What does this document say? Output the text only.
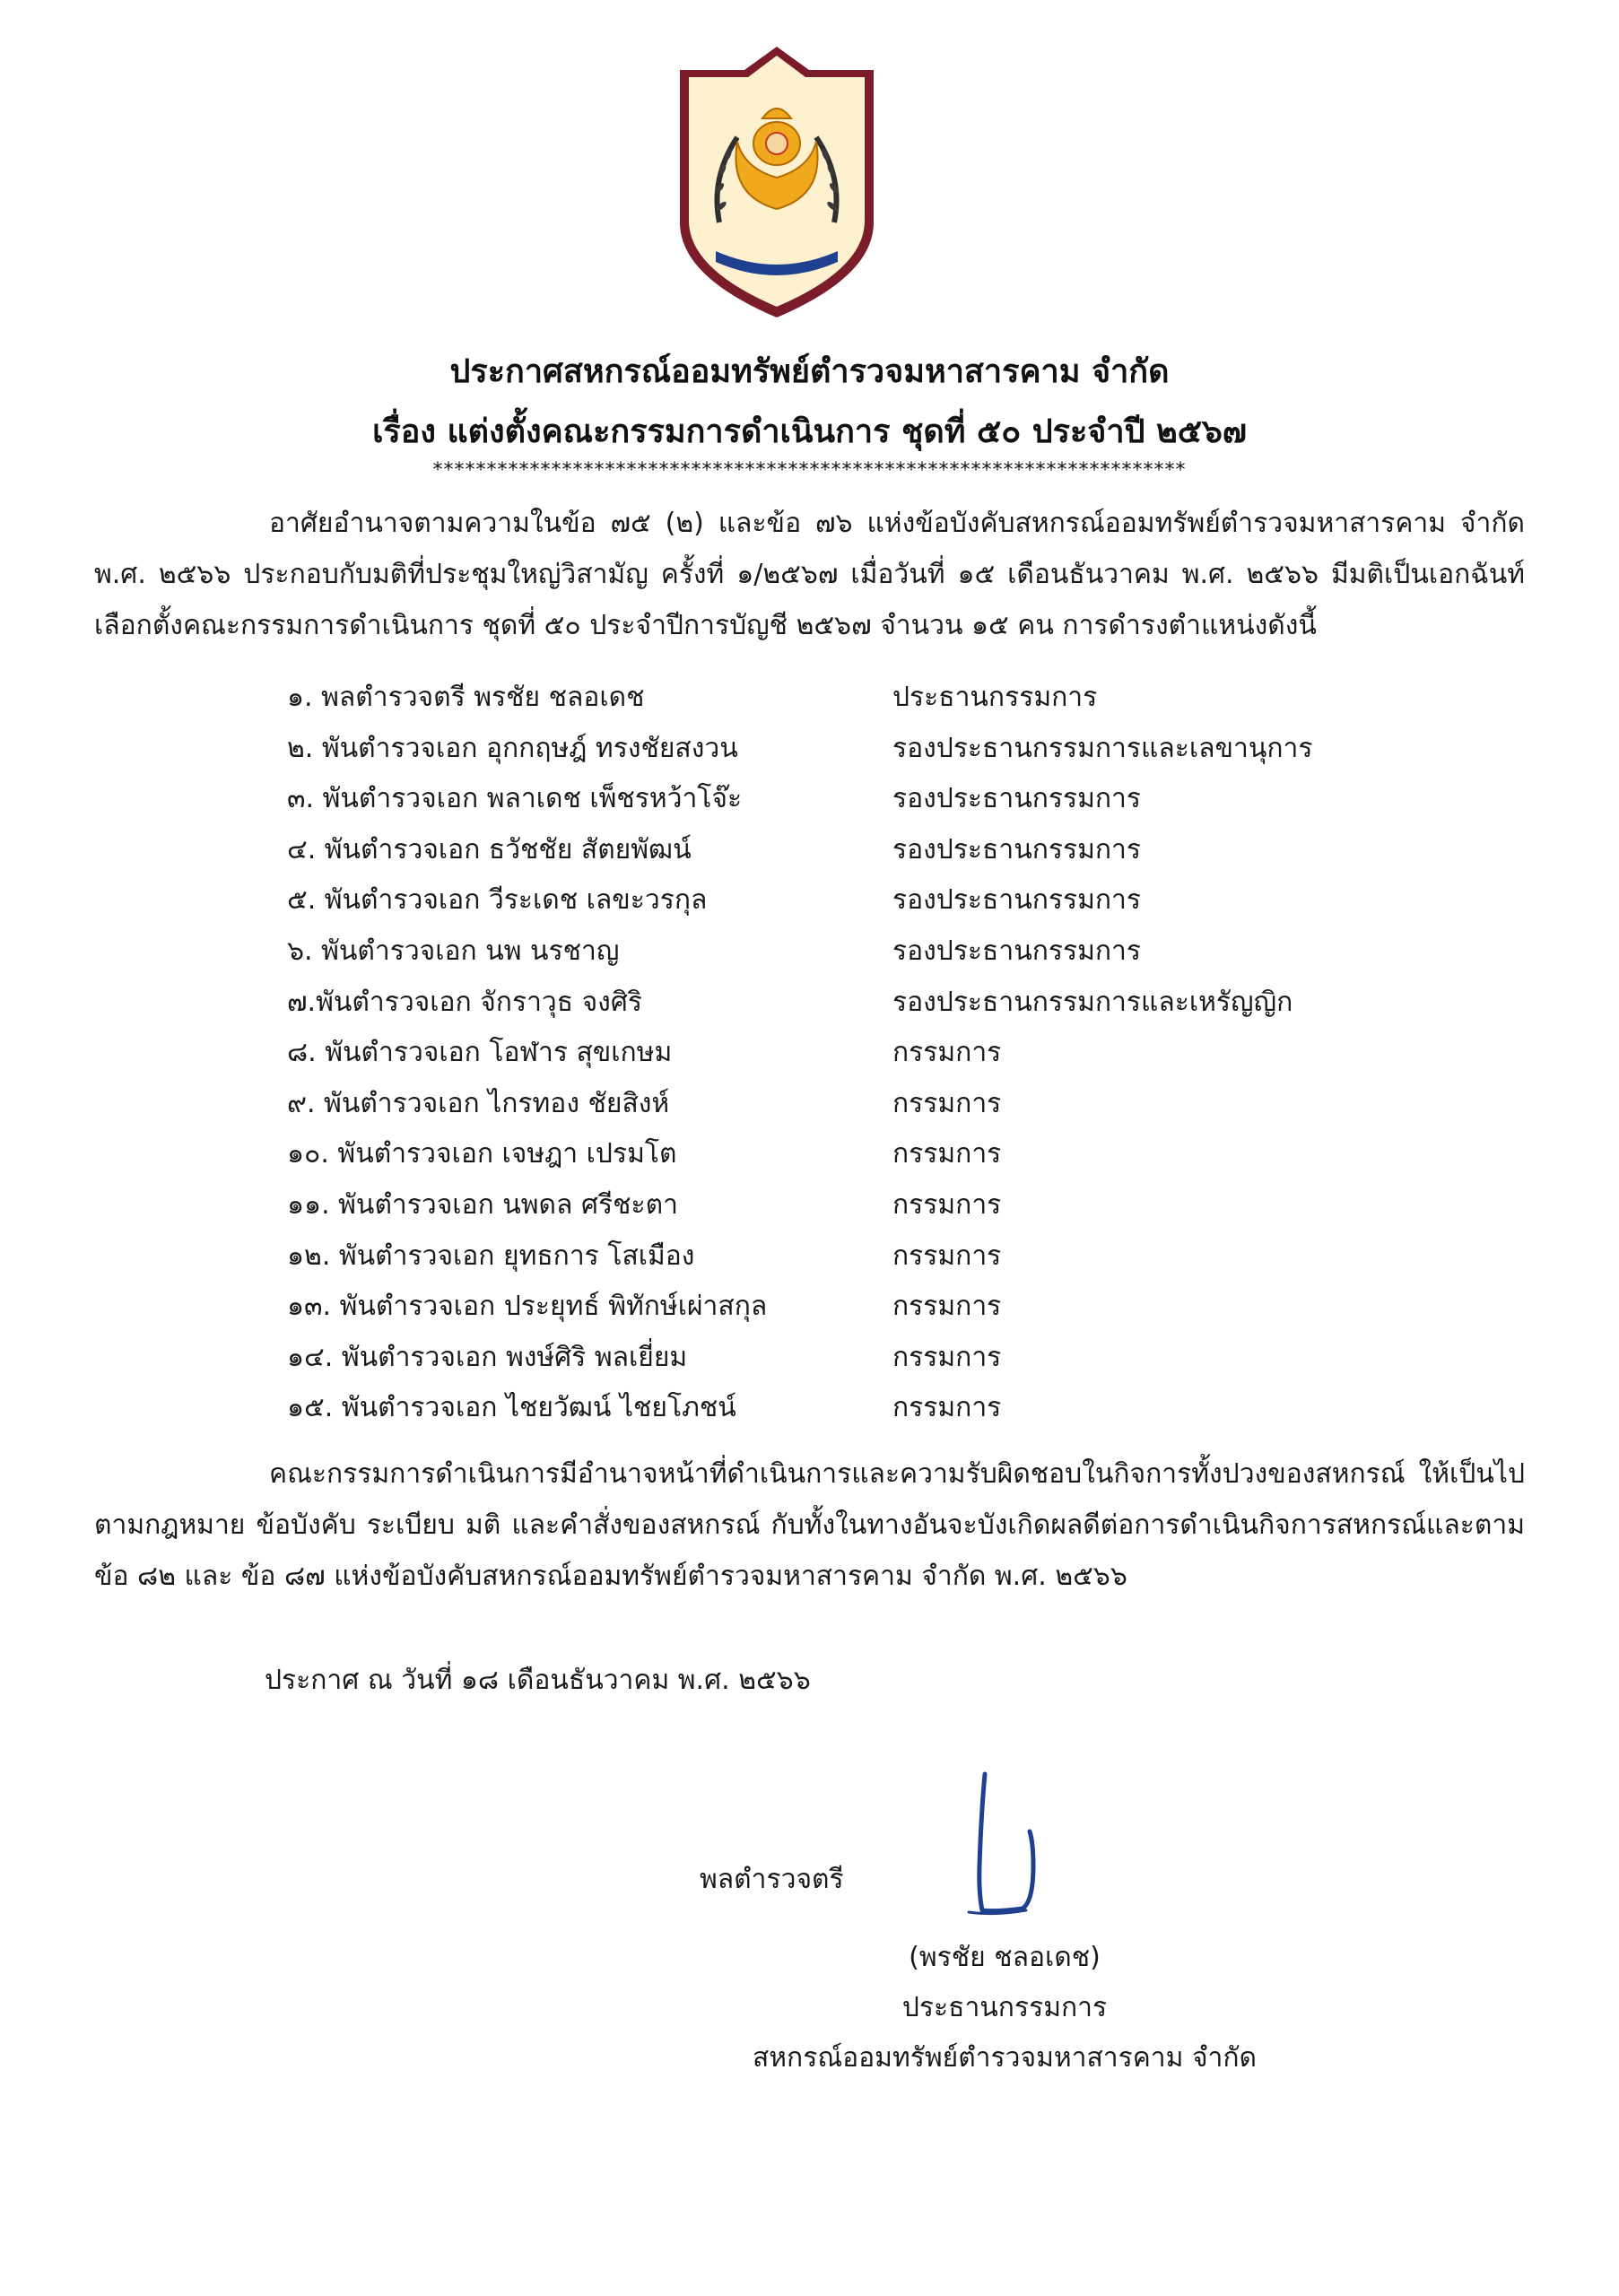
ประกาศสหกรณ์ออมทรัพย์ตำรวจมหาสารคาม จำกัด
เรื่อง แต่งตั้งคณะกรรมการดำเนินการ ชุดที่ ๕๐ ประจำปี ๒๕๖๗
**********************************************************************

อาศัยอำนาจตามความในข้อ ๗๕ (๒) และข้อ ๗๖ แห่งข้อบังคับสหกรณ์ออมทรัพย์ตำรวจมหาสารคาม จำกัด พ.ศ. ๒๕๖๖ ประกอบกับมติที่ประชุมใหญ่วิสามัญ ครั้งที่ ๑/๒๕๖๗ เมื่อวันที่ ๑๕ เดือนธันวาคม พ.ศ. ๒๕๖๖ มีมติเป็นเอกฉันท์เลือกตั้งคณะกรรมการดำเนินการ ชุดที่ ๕๐ ประจำปีการบัญชี ๒๕๖๗ จำนวน ๑๕ คน การดำรงตำแหน่งดังนี้

๑. พลตำรวจตรี พรชัย ชลอเดช	ประธานกรรมการ
๒. พันตำรวจเอก อุกกฤษฎ์ ทรงชัยสงวน	รองประธานกรรมการและเลขานุการ
๓. พันตำรวจเอก พลาเดช เพ็ชรหว้าโจ๊ะ	รองประธานกรรมการ
๔. พันตำรวจเอก ธวัชชัย สัตยพัฒน์	รองประธานกรรมการ
๕. พันตำรวจเอก วีระเดช เลขะวรกุล	รองประธานกรรมการ
๖. พันตำรวจเอก นพ นรชาญ	รองประธานกรรมการ
๗.พันตำรวจเอก จักราวุธ จงศิริ	รองประธานกรรมการและเหรัญญิก
๘. พันตำรวจเอก โอฬาร สุขเกษม	กรรมการ
๙. พันตำรวจเอก ไกรทอง ชัยสิงห์	กรรมการ
๑๐. พันตำรวจเอก เจษฎา เปรมโต	กรรมการ
๑๑. พันตำรวจเอก นพดล ศรีชะตา	กรรมการ
๑๒. พันตำรวจเอก ยุทธการ โสเมือง	กรรมการ
๑๓. พันตำรวจเอก ประยุทธ์ พิทักษ์เผ่าสกุล	กรรมการ
๑๔. พันตำรวจเอก พงษ์ศิริ พลเยี่ยม	กรรมการ
๑๕. พันตำรวจเอก ไชยวัฒน์ ไชยโภชน์	กรรมการ

คณะกรรมการดำเนินการมีอำนาจหน้าที่ดำเนินการและความรับผิดชอบในกิจการทั้งปวงของสหกรณ์ ให้เป็นไปตามกฎหมาย ข้อบังคับ ระเบียบ มติ และคำสั่งของสหกรณ์ กับทั้งในทางอันจะบังเกิดผลดีต่อการดำเนินกิจการสหกรณ์และตามข้อ ๘๒ และ ข้อ ๘๗ แห่งข้อบังคับสหกรณ์ออมทรัพย์ตำรวจมหาสารคาม จำกัด พ.ศ. ๒๕๖๖

ประกาศ ณ วันที่ ๑๘ เดือนธันวาคม พ.ศ. ๒๕๖๖
พลตำรวจตรี
(พรชัย ชลอเดช)
ประธานกรรมการ
สหกรณ์ออมทรัพย์ตำรวจมหาสารคาม จำกัด
